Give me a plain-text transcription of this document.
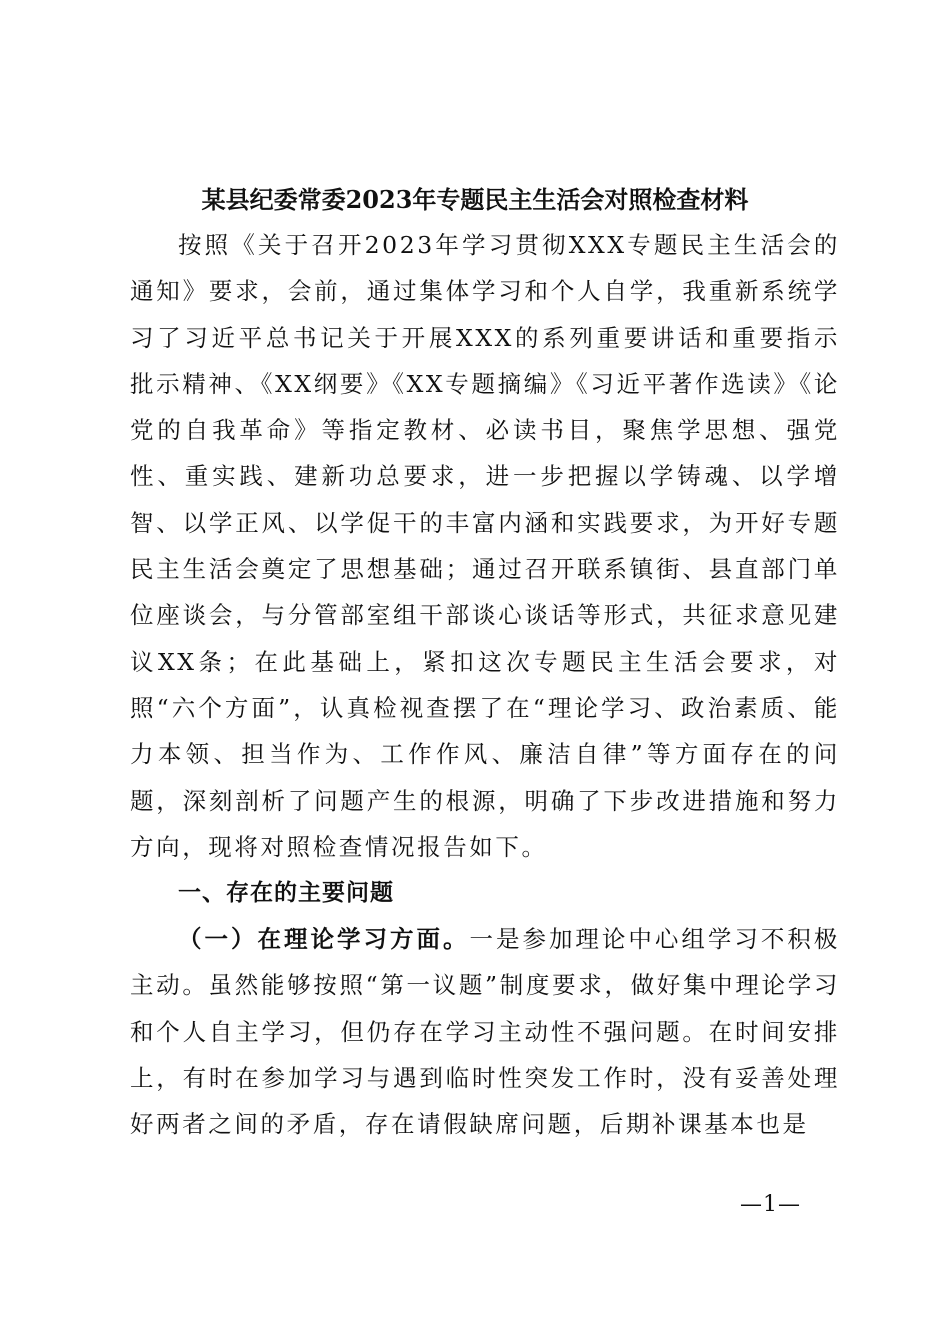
某县纪委常委2023年专题民主生活会对照检查材料

按照《关于召开2023年学习贯彻XXX专题民主生活会的通知》要求，会前，通过集体学习和个人自学，我重新系统学习了习近平总书记关于开展XXX的系列重要讲话和重要指示批示精神、《XX纲要》《XX专题摘编》《习近平著作选读》《论党的自我革命》等指定教材、必读书目，聚焦学思想、强党性、重实践、建新功总要求，进一步把握以学铸魂、以学增智、以学正风、以学促干的丰富内涵和实践要求，为开好专题民主生活会奠定了思想基础；通过召开联系镇街、县直部门单位座谈会，与分管部室组干部谈心谈话等形式，共征求意见建议XX条；在此基础上，紧扣这次专题民主生活会要求，对照“六个方面”，认真检视查摆了在“理论学习、政治素质、能力本领、担当作为、工作作风、廉洁自律”等方面存在的问题，深刻剖析了问题产生的根源，明确了下步改进措施和努力方向，现将对照检查情况报告如下。

一、存在的主要问题

（一）在理论学习方面。一是参加理论中心组学习不积极主动。虽然能够按照“第一议题”制度要求，做好集中理论学习和个人自主学习，但仍存在学习主动性不强问题。在时间安排上，有时在参加学习与遇到临时性突发工作时，没有妥善处理好两者之间的矛盾，存在请假缺席问题，后期补课基本也是

—1—
